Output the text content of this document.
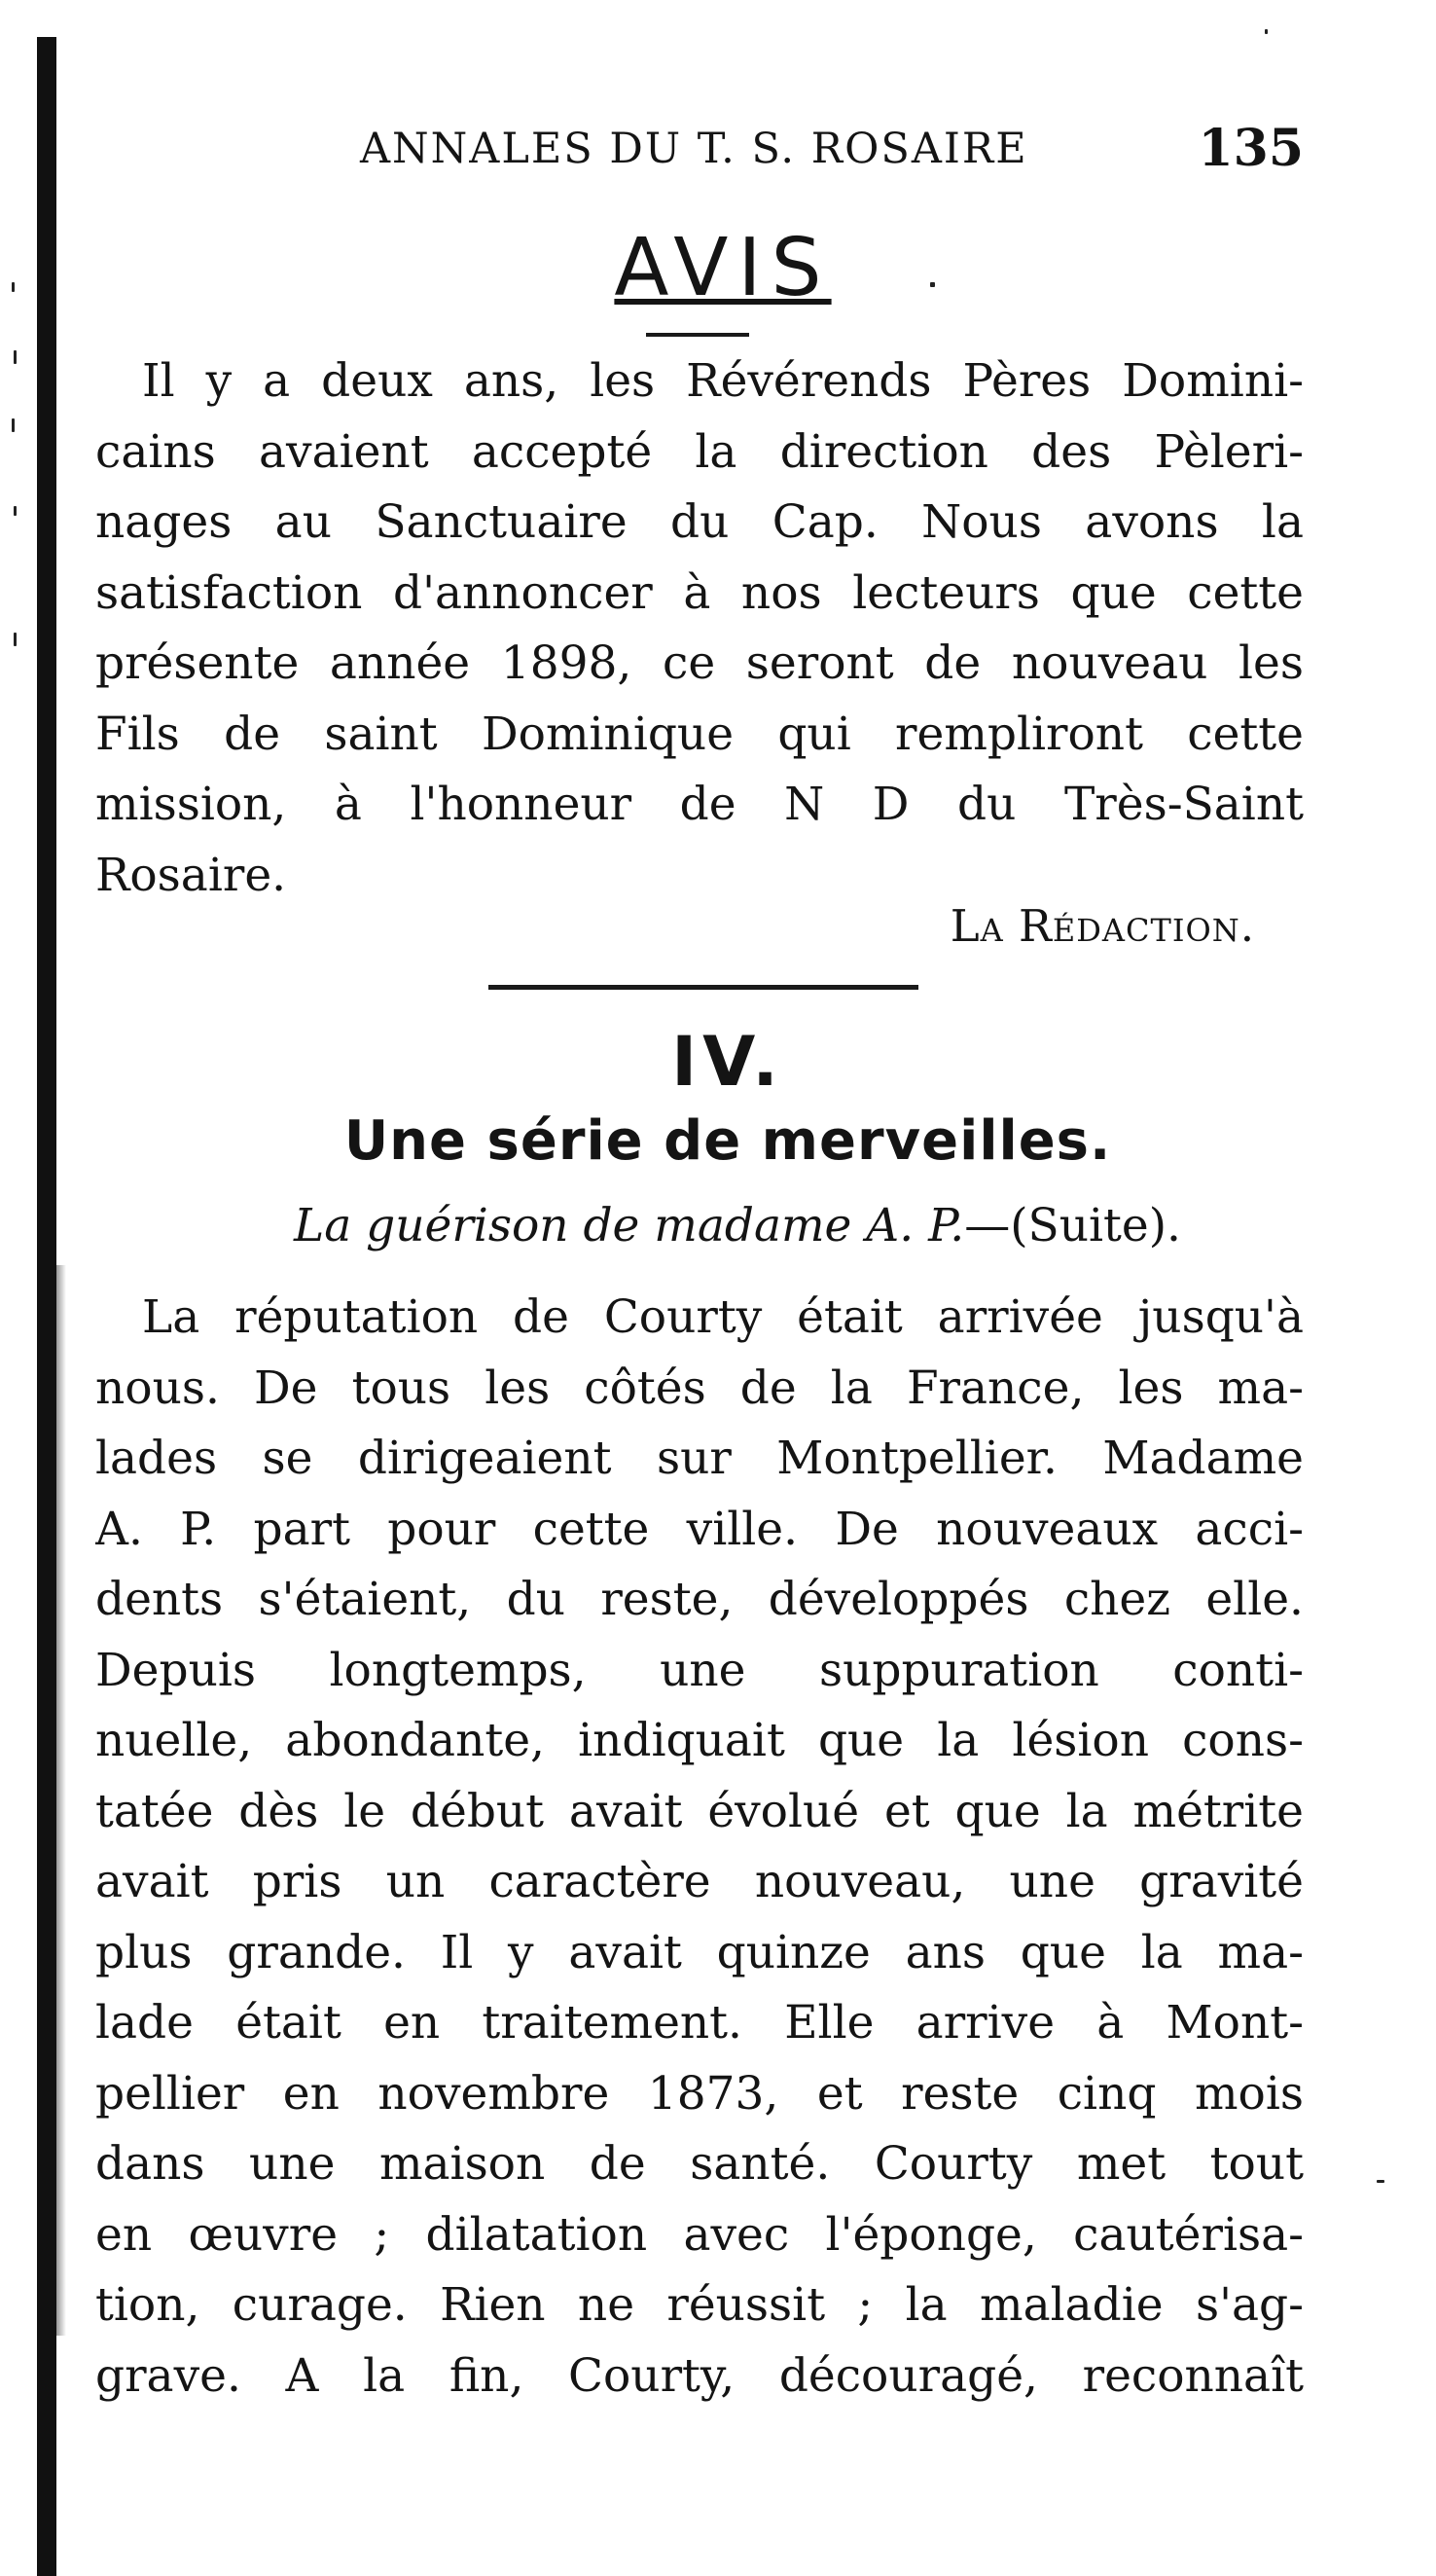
ANNALES DU T. S. ROSAIRE	135
AVIS
Il y a deux ans, les Révérends Pères Domini-
cains avaient accepté la direction des Pèleri-
nages au Sanctuaire du Cap. Nous avons la
satisfaction d'annoncer à nos lecteurs que cette
présente année 1898, ce seront de nouveau les
Fils de saint Dominique qui rempliront cette
mission, à l'honneur de N D du Très-Saint
Rosaire.
La Rédaction.
IV.
Une série de merveilles.
La guérison de madame A. P.—(Suite).
La réputation de Courty était arrivée jusqu'à
nous. De tous les côtés de la France, les ma-
lades se dirigeaient sur Montpellier. Madame
A. P. part pour cette ville. De nouveaux acci-
dents s'étaient, du reste, développés chez elle.
Depuis longtemps, une suppuration conti-
nuelle, abondante, indiquait que la lésion cons-
tatée dès le début avait évolué et que la métrite
avait pris un caractère nouveau, une gravité
plus grande. Il y avait quinze ans que la ma-
lade était en traitement. Elle arrive à Mont-
pellier en novembre 1873, et reste cinq mois
dans une maison de santé. Courty met tout
en œuvre ; dilatation avec l'éponge, cautérisa-
tion, curage. Rien ne réussit ; la maladie s'ag-
grave. A la fin, Courty, découragé, reconnaît
